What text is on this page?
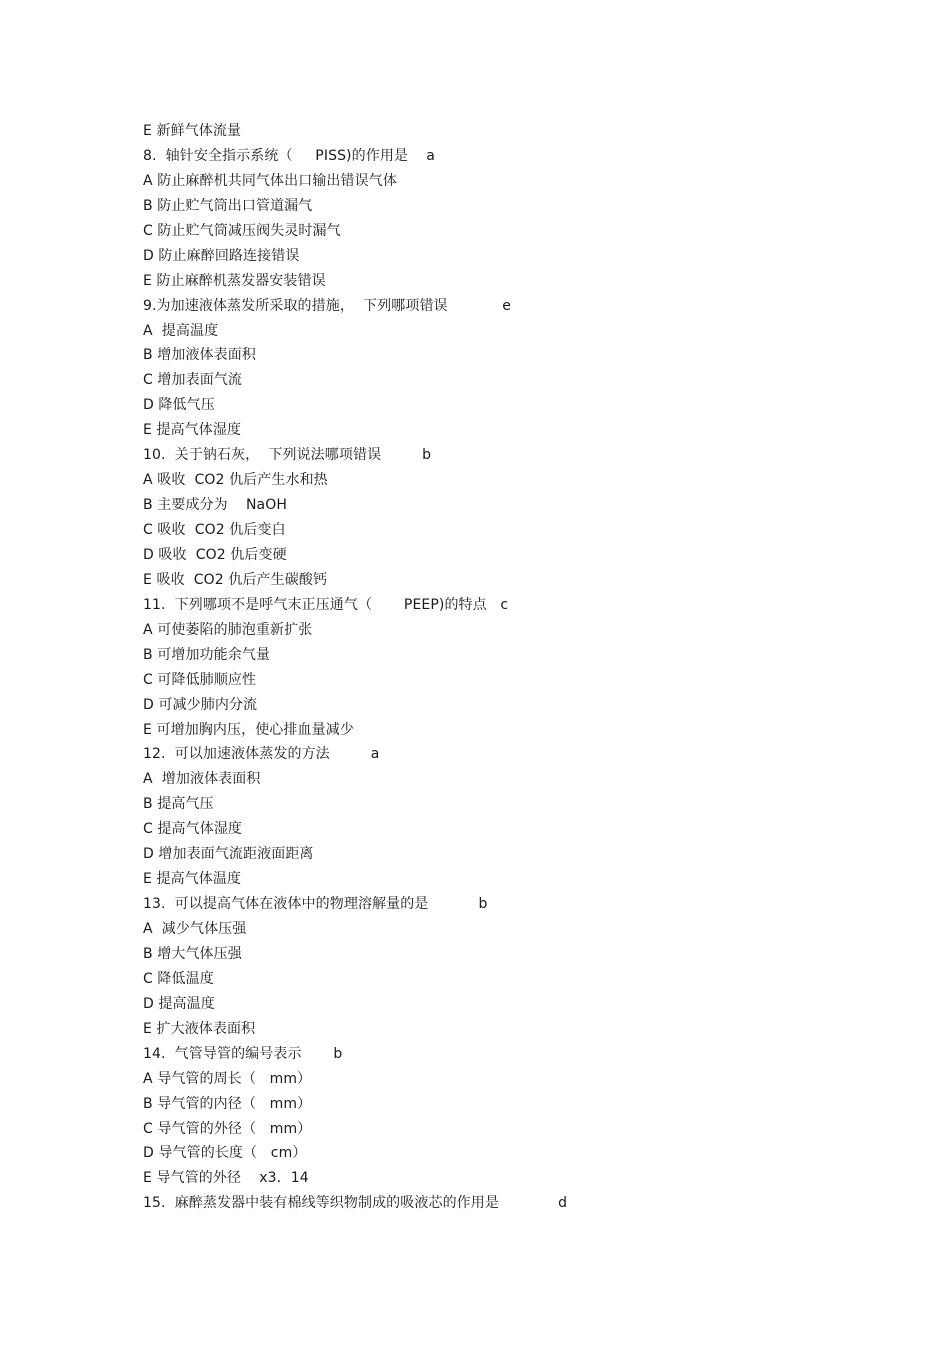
E 新鲜气体流量
8.  轴针安全指示系统（     PISS)的作用是    a
A 防止麻醉机共同气体出口输出错误气体
B 防止贮气筒出口管道漏气
C 防止贮气筒减压阀失灵时漏气
D 防止麻醉回路连接错误
E 防止麻醉机蒸发器安装错误
9.为加速液体蒸发所采取的措施，  下列哪项错误            e
A  提高温度
B 增加液体表面积
C 增加表面气流
D 降低气压
E 提高气体湿度
10.  关于钠石灰，  下列说法哪项错误         b
A 吸收  CO2 仇后产生水和热
B 主要成分为    NaOH
C 吸收  CO2 仇后变白
D 吸收  CO2 仇后变硬
E 吸收  CO2 仇后产生碳酸钙
11.  下列哪项不是呼气末正压通气（       PEEP)的特点   c
A 可使萎陷的肺泡重新扩张
B 可增加功能余气量
C 可降低肺顺应性
D 可减少肺内分流
E 可增加胸内压，使心排血量减少
12.  可以加速液体蒸发的方法         a
A  增加液体表面积
B 提高气压
C 提高气体湿度
D 增加表面气流距液面距离
E 提高气体温度
13.  可以提高气体在液体中的物理溶解量的是           b
A  减少气体压强
B 增大气体压强
C 降低温度
D 提高温度
E 扩大液体表面积
14.  气管导管的编号表示       b
A 导气管的周长（   mm）
B 导气管的内径（   mm）
C 导气管的外径（   mm）
D 导气管的长度（   cm）
E 导气管的外径    x3．14
15.  麻醉蒸发器中装有棉线等织物制成的吸液芯的作用是             d
